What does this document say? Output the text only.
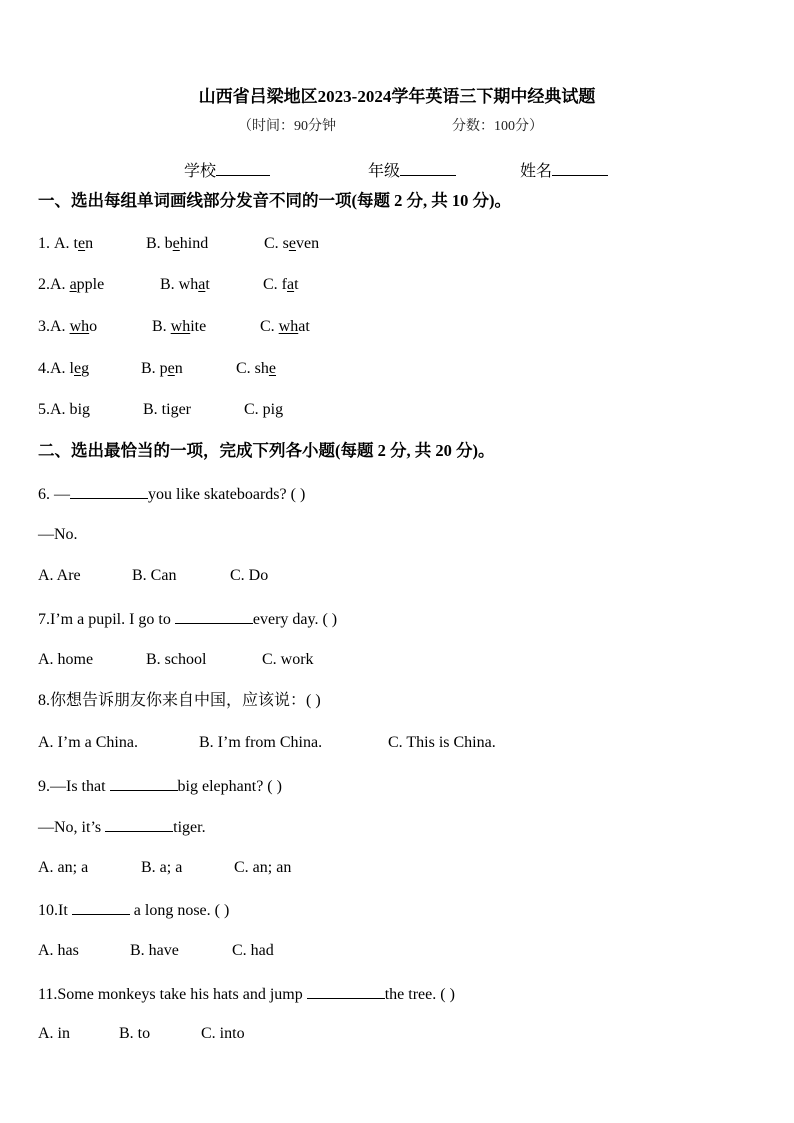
山西省吕梁地区2023-2024学年英语三下期中经典试题
（时间：90分钟	分数：100分）
学校	年级	姓名
一、选出每组单词画线部分发音不同的一项(每题 2 分, 共 10 分)。
1. A. ten	B. behind	C. seven
2.A. apple	B. what	C. fat
3.A. who	B. white	C. what
4.A. leg	B. pen	C. she
5.A. big	B. tiger	C. pig
二、选出最恰当的一项，完成下列各小题(每题 2 分, 共 20 分)。
6. —	you like skateboards? ( )
—No.
A. Are	B. Can	C. Do
7.I’m a pupil. I go to	every day. ( )
A. home	B. school	C. work
8.你想告诉朋友你来自中国，应该说：( )
A. I’m a China.	B. I’m from China.	C. This is China.
9.—Is that	big elephant? ( )
—No, it’s	tiger.
A. an; a	B. a; a	C. an; an
10.It	a long nose. ( )
A. has	B. have	C. had
11.Some monkeys take his hats and jump	the tree. ( )
A. in	B. to	C. into
